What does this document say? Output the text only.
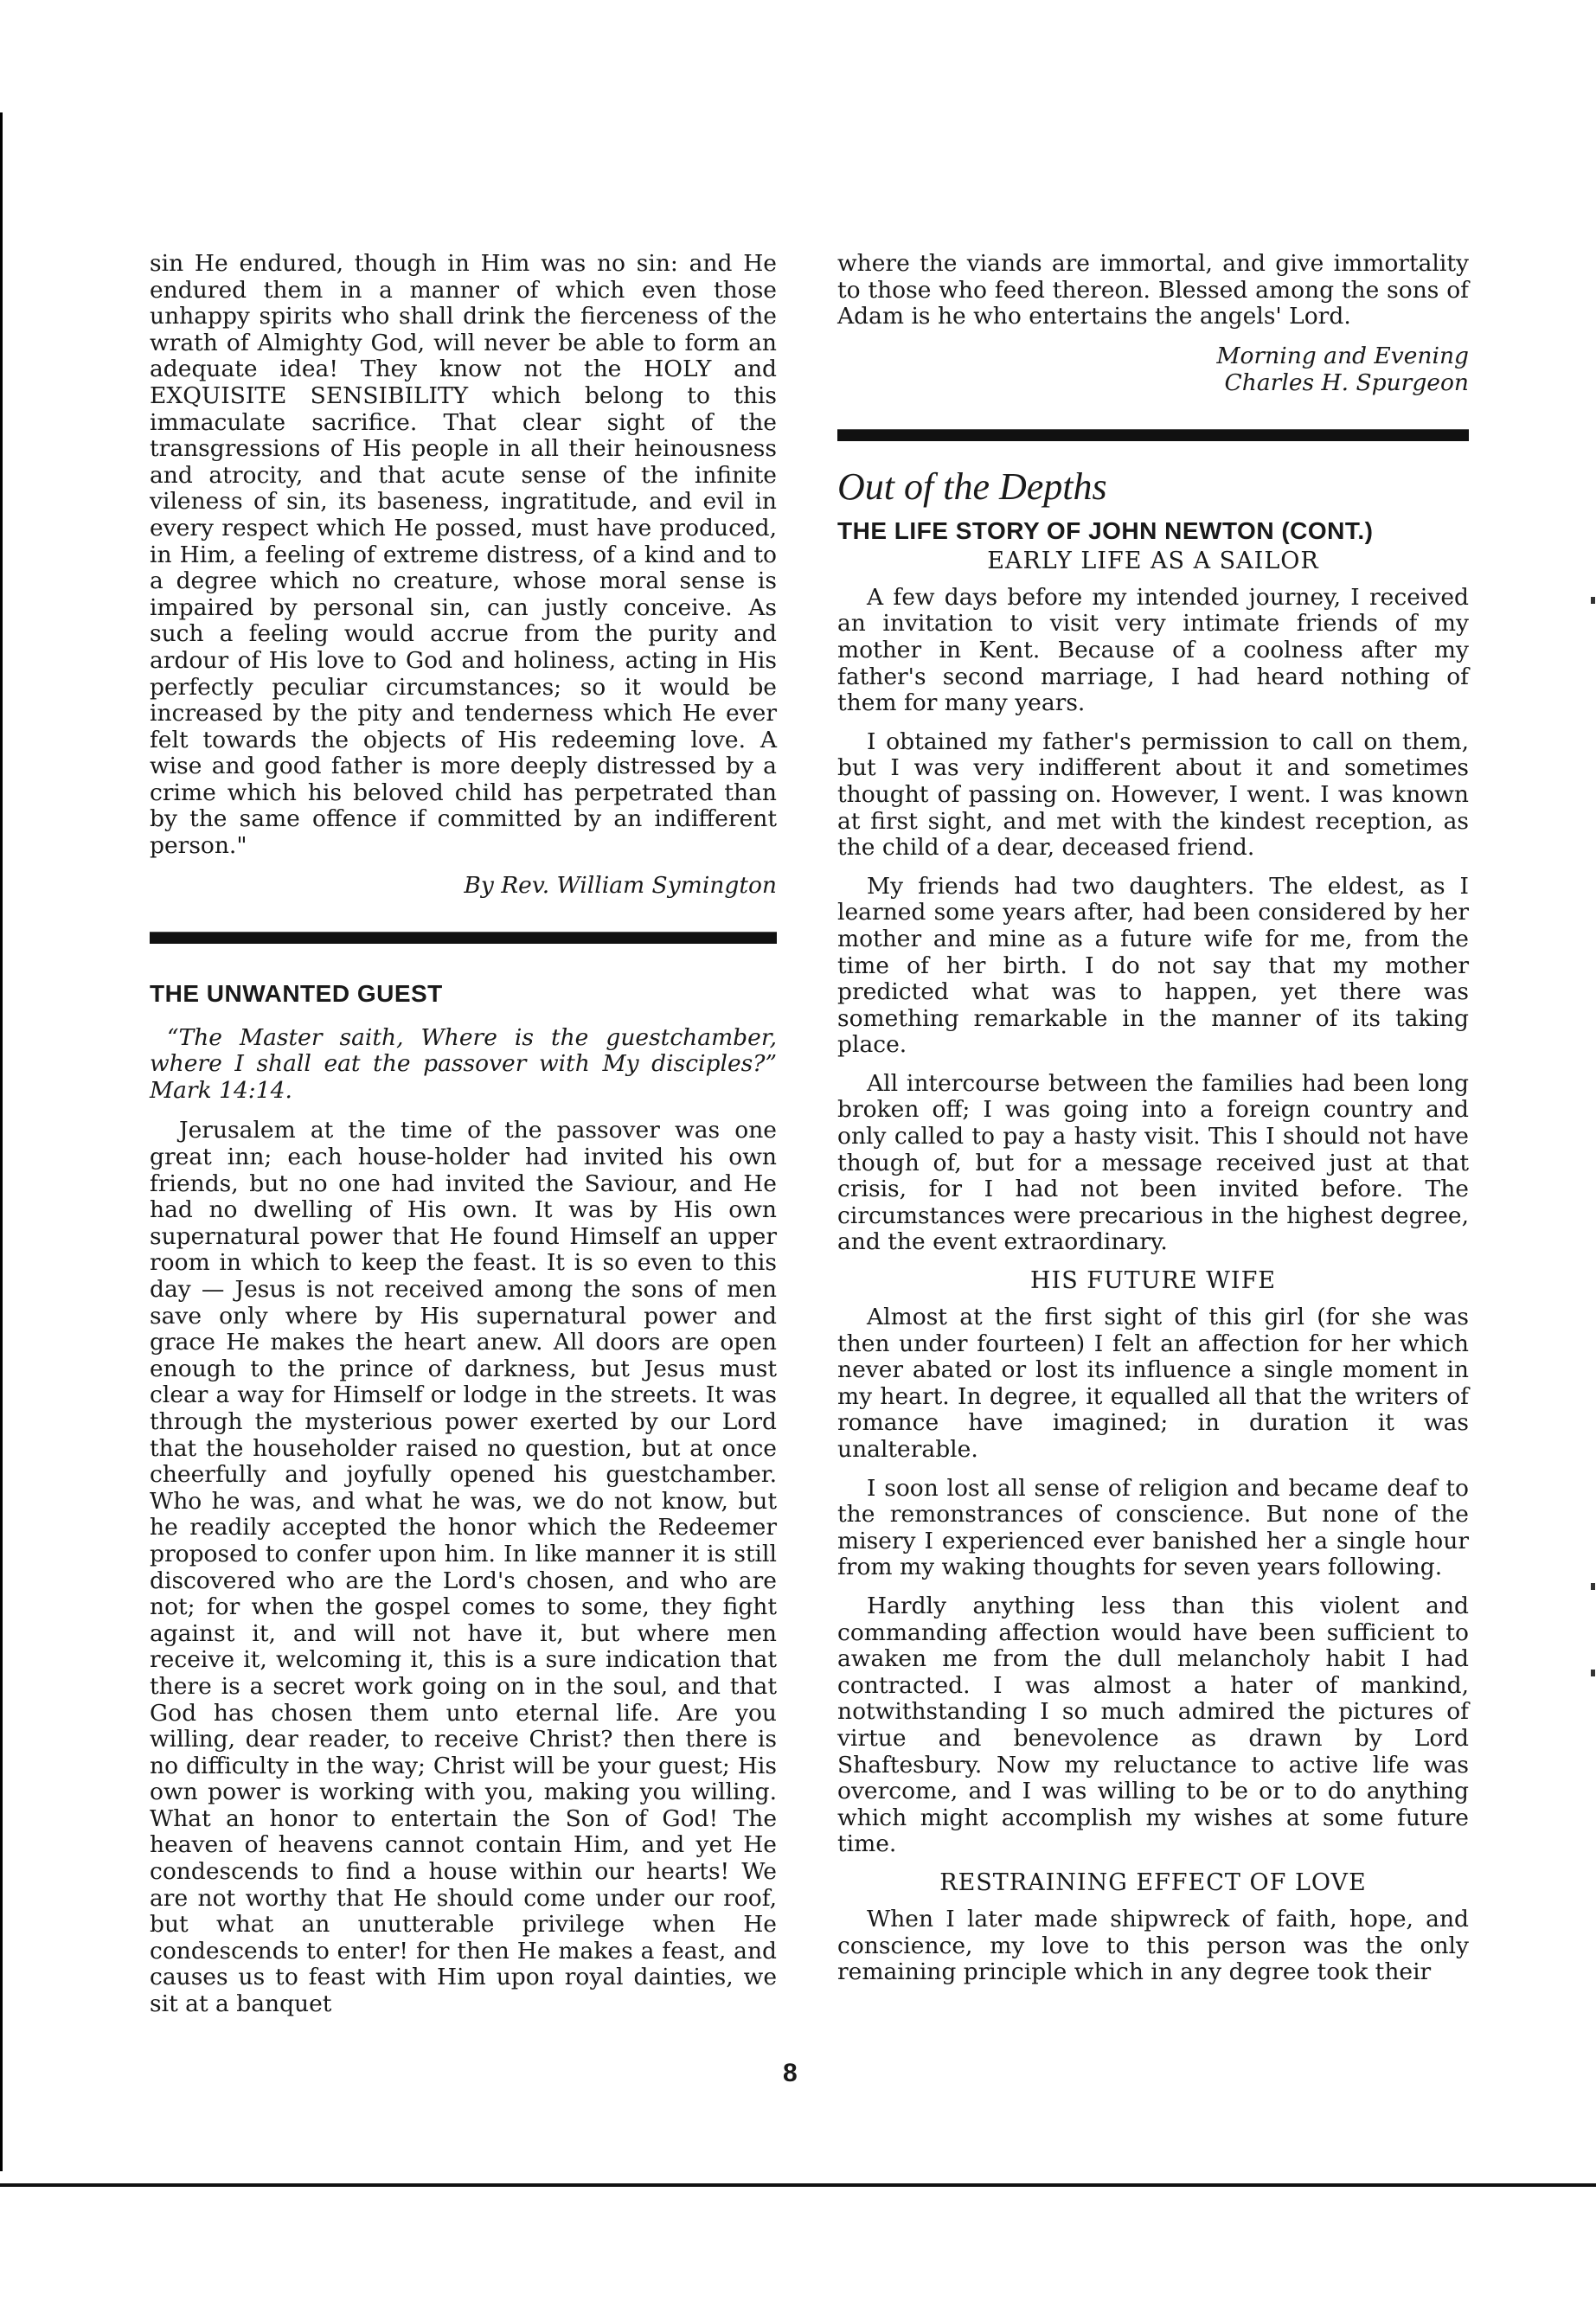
sin He endured, though in Him was no sin: and He endured them in a manner of which even those unhappy spirits who shall drink the fierceness of the wrath of Almighty God, will never be able to form an adequate idea! They know not the HOLY and EXQUISITE SENSIBILITY which belong to this immaculate sacrifice. That clear sight of the transgressions of His people in all their heinousness and atrocity, and that acute sense of the infinite vileness of sin, its baseness, ingratitude, and evil in every respect which He possed, must have produced, in Him, a feeling of extreme distress, of a kind and to a degree which no creature, whose moral sense is impaired by personal sin, can justly conceive. As such a feeling would accrue from the purity and ardour of His love to God and holiness, acting in His perfectly peculiar circumstances; so it would be increased by the pity and tenderness which He ever felt towards the objects of His redeeming love. A wise and good father is more deeply distressed by a crime which his beloved child has perpetrated than by the same offence if committed by an indifferent person."

By Rev. William Symington

THE UNWANTED GUEST

“The Master saith, Where is the guestchamber, where I shall eat the passover with My disciples?” Mark 14:14.

Jerusalem at the time of the passover was one great inn; each house-holder had invited his own friends, but no one had invited the Saviour, and He had no dwelling of His own. It was by His own supernatural power that He found Himself an upper room in which to keep the feast. It is so even to this day — Jesus is not received among the sons of men save only where by His supernatural power and grace He makes the heart anew. All doors are open enough to the prince of darkness, but Jesus must clear a way for Himself or lodge in the streets. It was through the mysterious power exerted by our Lord that the householder raised no question, but at once cheerfully and joyfully opened his guestchamber. Who he was, and what he was, we do not know, but he readily accepted the honor which the Redeemer proposed to confer upon him. In like manner it is still discovered who are the Lord's chosen, and who are not; for when the gospel comes to some, they fight against it, and will not have it, but where men receive it, welcoming it, this is a sure indication that there is a secret work going on in the soul, and that God has chosen them unto eternal life. Are you willing, dear reader, to receive Christ? then there is no difficulty in the way; Christ will be your guest; His own power is working with you, making you willing. What an honor to entertain the Son of God! The heaven of heavens cannot contain Him, and yet He condescends to find a house within our hearts! We are not worthy that He should come under our roof, but what an unutterable privilege when He condescends to enter! for then He makes a feast, and causes us to feast with Him upon royal dainties, we sit at a banquet

where the viands are immortal, and give immortality to those who feed thereon. Blessed among the sons of Adam is he who entertains the angels' Lord.

Morning and Evening

Charles H. Spurgeon

Out of the Depths
THE LIFE STORY OF JOHN NEWTON (CONT.)
EARLY LIFE AS A SAILOR

A few days before my intended journey, I received an invitation to visit very intimate friends of my mother in Kent. Because of a coolness after my father's second marriage, I had heard nothing of them for many years.

I obtained my father's permission to call on them, but I was very indifferent about it and sometimes thought of passing on. However, I went. I was known at first sight, and met with the kindest reception, as the child of a dear, deceased friend.

My friends had two daughters. The eldest, as I learned some years after, had been considered by her mother and mine as a future wife for me, from the time of her birth. I do not say that my mother predicted what was to happen, yet there was something remarkable in the manner of its taking place.

All intercourse between the families had been long broken off; I was going into a foreign country and only called to pay a hasty visit. This I should not have though of, but for a message received just at that crisis, for I had not been invited before. The circumstances were precarious in the highest degree, and the event extraordinary.

HIS FUTURE WIFE

Almost at the first sight of this girl (for she was then under fourteen) I felt an affection for her which never abated or lost its influence a single moment in my heart. In degree, it equalled all that the writers of romance have imagined; in duration it was unalterable.

I soon lost all sense of religion and became deaf to the remonstrances of conscience. But none of the misery I experienced ever banished her a single hour from my waking thoughts for seven years following.

Hardly anything less than this violent and commanding affection would have been sufficient to awaken me from the dull melancholy habit I had contracted. I was almost a hater of mankind, notwithstanding I so much admired the pictures of virtue and benevolence as drawn by Lord Shaftesbury. Now my reluctance to active life was overcome, and I was willing to be or to do anything which might accomplish my wishes at some future time.

RESTRAINING EFFECT OF LOVE

When I later made shipwreck of faith, hope, and conscience, my love to this person was the only remaining principle which in any degree took their

8
